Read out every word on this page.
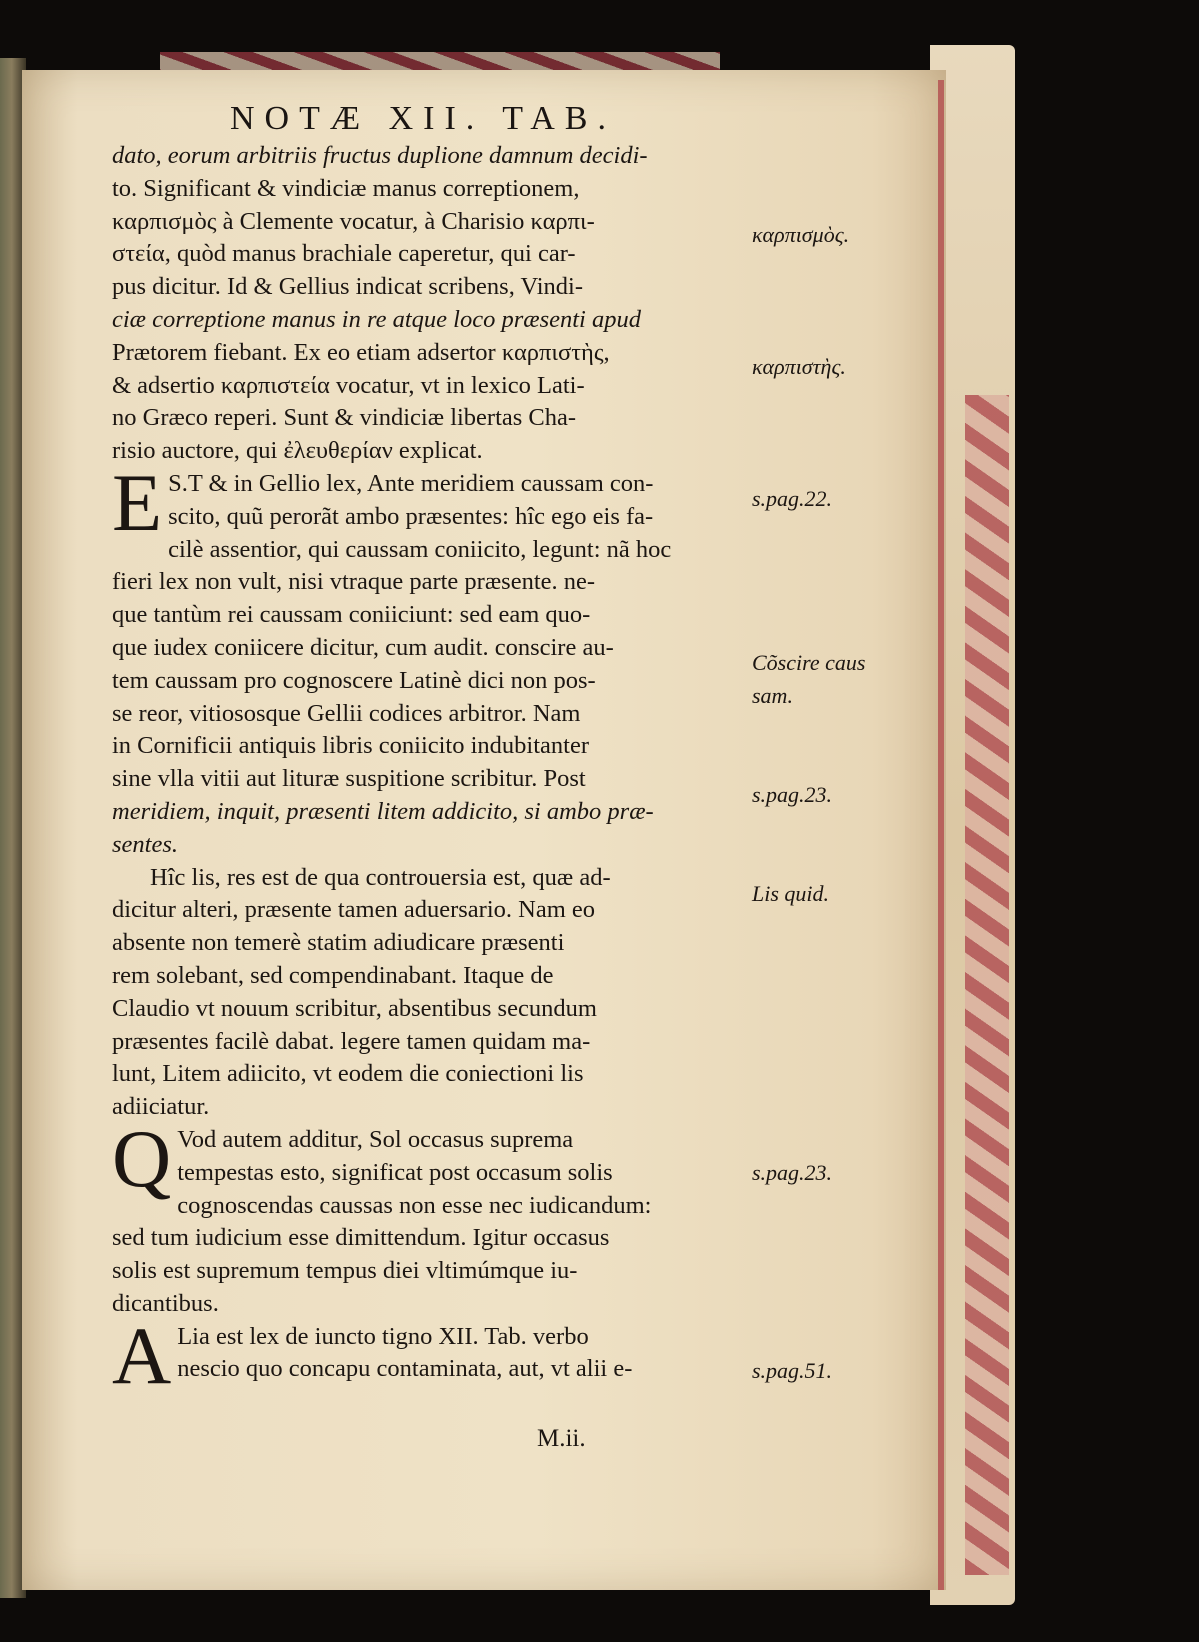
NOTÆ XII. TAB.
dato, eorum arbitriis fructus duplione damnum decidi-
to. Significant & vindiciæ manus correptionem,
καρπισμὸς à Clemente vocatur, à Charisio καρπι-
στεία, quòd manus brachiale caperetur, qui car-
pus dicitur. Id & Gellius indicat scribens, Vindi-
ciæ correptione manus in re atque loco præsenti apud
Prætorem fiebant. Ex eo etiam adsertor καρπιστὴς,
& adsertio καρπιστεία vocatur, vt in lexico Lati-
no Græco reperi. Sunt & vindiciæ libertas Cha-
risio auctore, qui ἐλευθερίαν explicat.
E S.T & in Gellio lex, Ante meridiem caussam con-
scito, quũ perorãt ambo præsentes: hîc ego eis fa-
cilè assentior, qui caussam coniicito, legunt: nã hoc
fieri lex non vult, nisi vtraque parte præsente. ne-
que tantùm rei caussam coniiciunt: sed eam quo-
que iudex coniicere dicitur, cum audit. conscire au-
tem caussam pro cognoscere Latinè dici non pos-
se reor, vitiososque Gellii codices arbitror. Nam
in Cornificii antiquis libris coniicito indubitanter
sine vlla vitii aut lituræ suspitione scribitur. Post
meridiem, inquit, præsenti litem addicito, si ambo præ-
sentes.
Hîc lis, res est de qua controuersia est, quæ ad-
dicitur alteri, præsente tamen aduersario. Nam eo
absente non temerè statim adiudicare præsenti
rem solebant, sed compendinabant. Itaque de
Claudio vt nouum scribitur, absentibus secundum
præsentes facilè dabat. legere tamen quidam ma-
lunt, Litem adiicito, vt eodem die coniectioni lis
adiiciatur.
Q Vod autem additur, Sol occasus suprema
tempestas esto, significat post occasum solis
cognoscendas caussas non esse nec iudicandum:
sed tum iudicium esse dimittendum. Igitur occasus
solis est supremum tempus diei vltimúmque iu-
dicantibus.
A Lia est lex de iuncto tigno XII. Tab. verbo
nescio quo concapu contaminata, aut, vt alii e-
καρπισμὸς.
καρπιστὴς.
s.pag.22.
Cõscire caus
sam.
s.pag.23.
Lis quid.
s.pag.23.
s.pag.51.
M.ii.
